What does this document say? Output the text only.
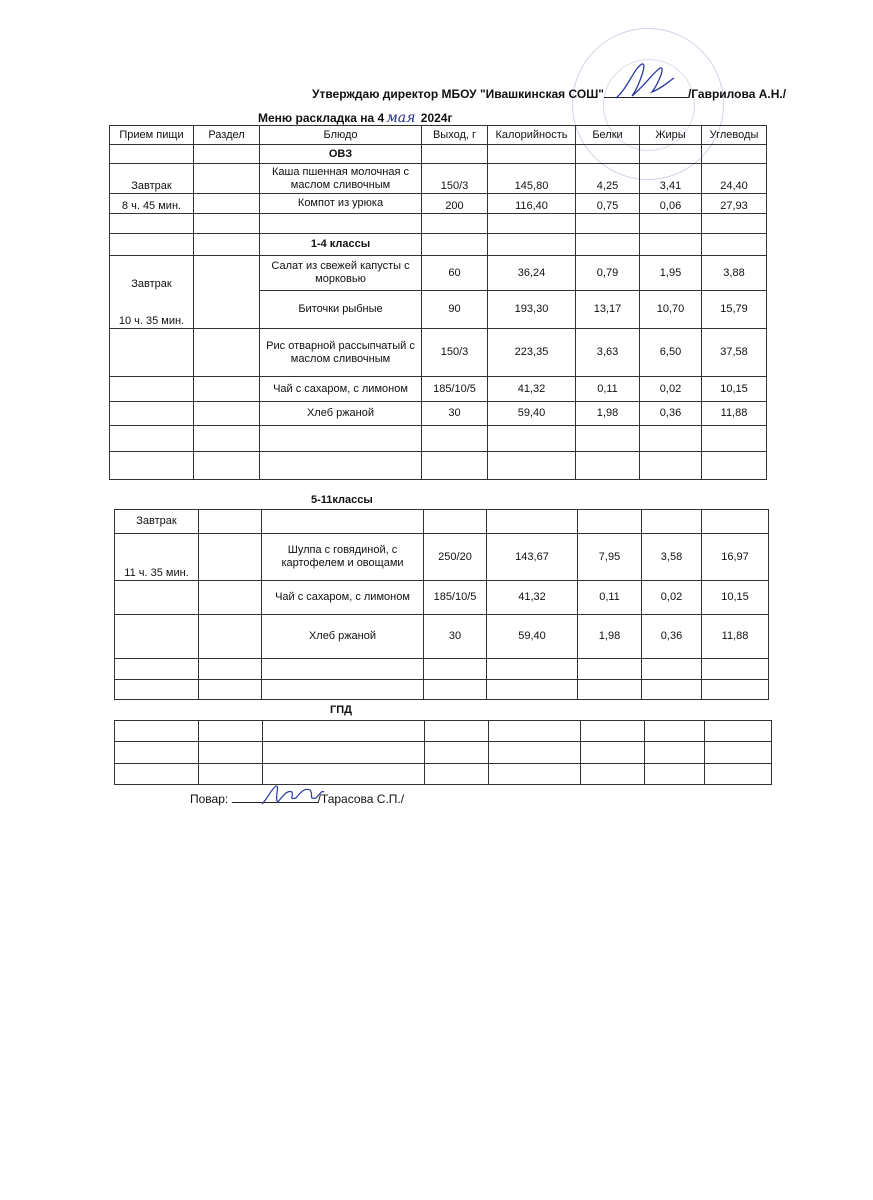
Утверждаю директор МБОУ "Ивашкинская СОШ"	/Гаврилова А.Н./
Меню раскладка на 4 мая 2024г
Прием пищи	Раздел	Блюдо	Выход, г	Калорийность	Белки	Жиры	Углеводы
		ОВЗ					
Завтрак		Каша пшенная молочная с маслом сливочным	150/3	145,80	4,25	3,41	24,40
8 ч. 45 мин.		Компот из урюка	200	116,40	0,75	0,06	27,93

		1-4 классы					
Завтрак		Салат из свежей капусты с морковью	60	36,24	0,79	1,95	3,88
10 ч. 35 мин.		Биточки рыбные	90	193,30	13,17	10,70	15,79
		Рис отварной рассыпчатый с маслом сливочным	150/3	223,35	3,63	6,50	37,58
		Чай с сахаром, с лимоном	185/10/5	41,32	0,11	0,02	10,15
		Хлеб ржаной	30	59,40	1,98	0,36	11,88

5-11классы
Завтрак							
11 ч. 35 мин.		Шулпа с говядиной, с картофелем и овощами	250/20	143,67	7,95	3,58	16,97
		Чай с сахаром, с лимоном	185/10/5	41,32	0,11	0,02	10,15
		Хлеб ржаной	30	59,40	1,98	0,36	11,88

ГПД

Повар:	/Тарасова С.П./
